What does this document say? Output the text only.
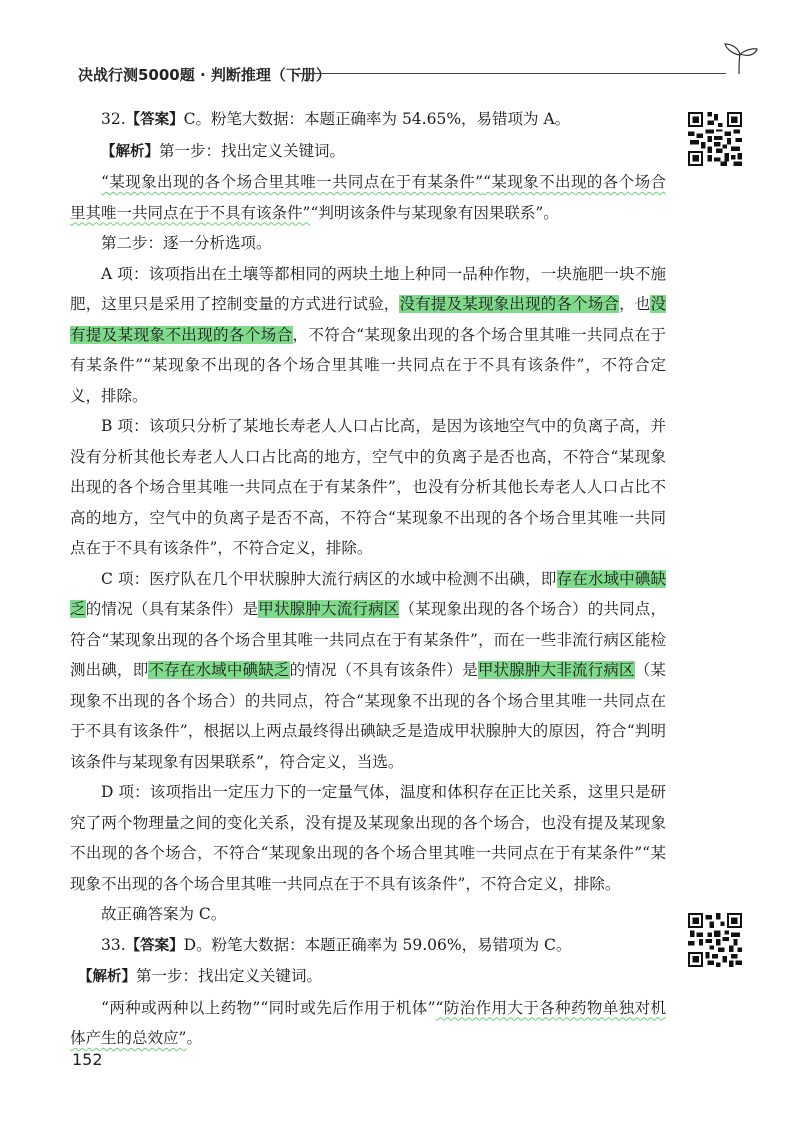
决战行测5000题 · 判断推理（下册）

32.【答案】C。粉笔大数据：本题正确率为 54.65%，易错项为 A。

【解析】第一步：找出定义关键词。

“某现象出现的各个场合里其唯一共同点在于有某条件”“某现象不出现的各个场合里其唯一共同点在于不具有该条件”“判明该条件与某现象有因果联系”。

第二步：逐一分析选项。

A 项：该项指出在土壤等都相同的两块土地上种同一品种作物，一块施肥一块不施肥，这里只是采用了控制变量的方式进行试验，没有提及某现象出现的各个场合，也没有提及某现象不出现的各个场合，不符合“某现象出现的各个场合里其唯一共同点在于有某条件”“某现象不出现的各个场合里其唯一共同点在于不具有该条件”，不符合定义，排除。

B 项：该项只分析了某地长寿老人人口占比高，是因为该地空气中的负离子高，并没有分析其他长寿老人人口占比高的地方，空气中的负离子是否也高，不符合“某现象出现的各个场合里其唯一共同点在于有某条件”，也没有分析其他长寿老人人口占比不高的地方，空气中的负离子是否不高，不符合“某现象不出现的各个场合里其唯一共同点在于不具有该条件”，不符合定义，排除。

C 项：医疗队在几个甲状腺肿大流行病区的水域中检测不出碘，即存在水域中碘缺乏的情况（具有某条件）是甲状腺肿大流行病区（某现象出现的各个场合）的共同点，符合“某现象出现的各个场合里其唯一共同点在于有某条件”，而在一些非流行病区能检测出碘，即不存在水域中碘缺乏的情况（不具有该条件）是甲状腺肿大非流行病区（某现象不出现的各个场合）的共同点，符合“某现象不出现的各个场合里其唯一共同点在于不具有该条件”，根据以上两点最终得出碘缺乏是造成甲状腺肿大的原因，符合“判明该条件与某现象有因果联系”，符合定义，当选。

D 项：该项指出一定压力下的一定量气体，温度和体积存在正比关系，这里只是研究了两个物理量之间的变化关系，没有提及某现象出现的各个场合，也没有提及某现象不出现的各个场合，不符合“某现象出现的各个场合里其唯一共同点在于有某条件”“某现象不出现的各个场合里其唯一共同点在于不具有该条件”，不符合定义，排除。

故正确答案为 C。

33.【答案】D。粉笔大数据：本题正确率为 59.06%，易错项为 C。

【解析】第一步：找出定义关键词。

“两种或两种以上药物”“同时或先后作用于机体”“防治作用大于各种药物单独对机体产生的总效应”。

152
